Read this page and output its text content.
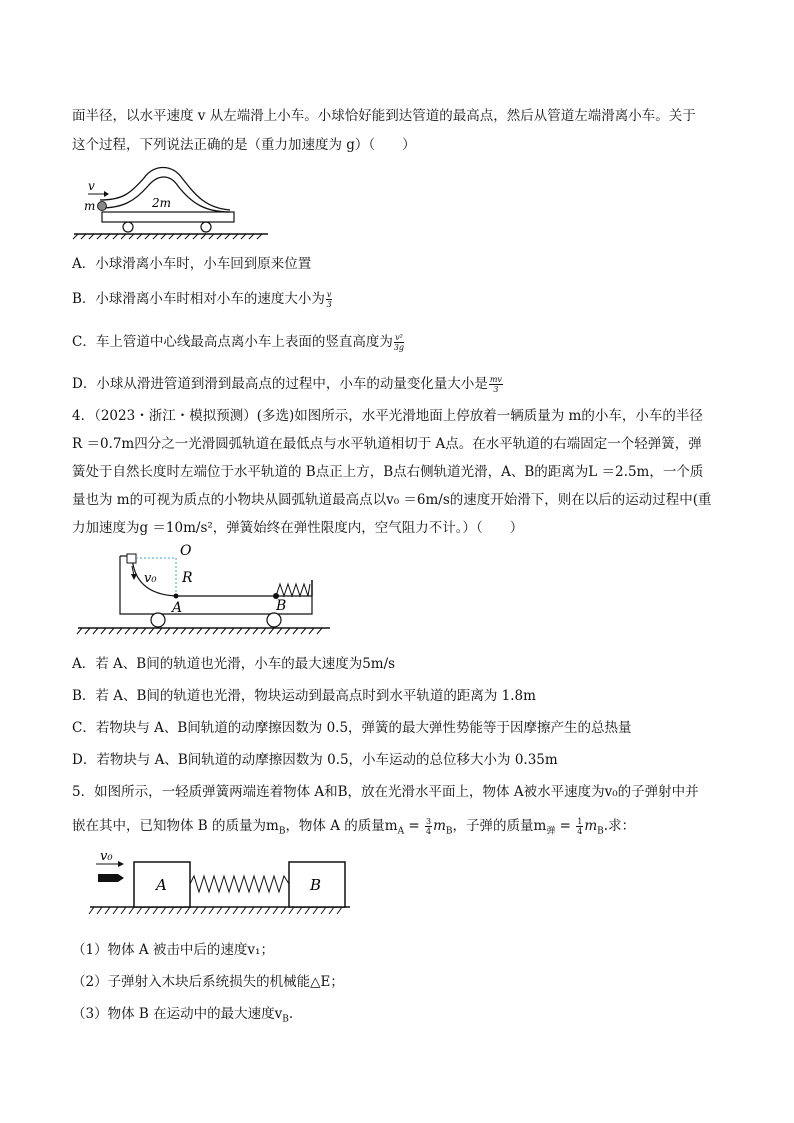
面半径，以水平速度 v 从左端滑上小车。小球恰好能到达管道的最高点，然后从管道左端滑离小车。关于
这个过程，下列说法正确的是（重力加速度为 g）（　　）
v
m	2m
A．小球滑离小车时，小车回到原来位置
B．小球滑离小车时相对小车的速度大小为 $\frac{v}{3}$
C．车上管道中心线最高点离小车上表面的竖直高度为 $\frac{\text{v²}}{3g}$
D．小球从滑进管道到滑到最高点的过程中，小车的动量变化量大小是 $\frac{mv}{3}$
4．（2023・浙江・模拟预测）(多选)如图所示，水平光滑地面上停放着一辆质量为 m的小车，小车的半径
R ＝0.7m四分之一光滑圆弧轨道在最低点与水平轨道相切于 A点。在水平轨道的右端固定一个轻弹簧，弹
簧处于自然长度时左端位于水平轨道的 B点正上方，B点右侧轨道光滑，A、B的距离为L ＝2.5m，一个质
量也为 m的可视为质点的小物块从圆弧轨道最高点以v₀ ＝6m/s的速度开始滑下，则在以后的运动过程中(重
力加速度为g ＝10m/s²，弹簧始终在弹性限度内，空气阻力不计。）（　　）
O
v₀ R
A	B
A．若 A、B间的轨道也光滑，小车的最大速度为5m/s
B．若 A、B间的轨道也光滑，物块运动到最高点时到水平轨道的距离为 1.8m
C．若物块与 A、B间轨道的动摩擦因数为 0.5，弹簧的最大弹性势能等于因摩擦产生的总热量
D．若物块与 A、B间轨道的动摩擦因数为 0.5，小车运动的总位移大小为 0.35m
5．如图所示，一轻质弹簧两端连着物体 A和B，放在光滑水平面上，物体 A被水平速度为v₀的子弹射中并
嵌在其中，已知物体 B 的质量为$m_B$，物体 A 的质量$m_A = \frac{3}{4} m_B$，子弹的质量$m_弹 = \frac{1}{4} m_B$.求：
v₀
A	B
（1）物体 A 被击中后的速度v₁；
（2）子弹射入木块后系统损失的机械能△E；
（3）物体 B 在运动中的最大速度$v_B$.
